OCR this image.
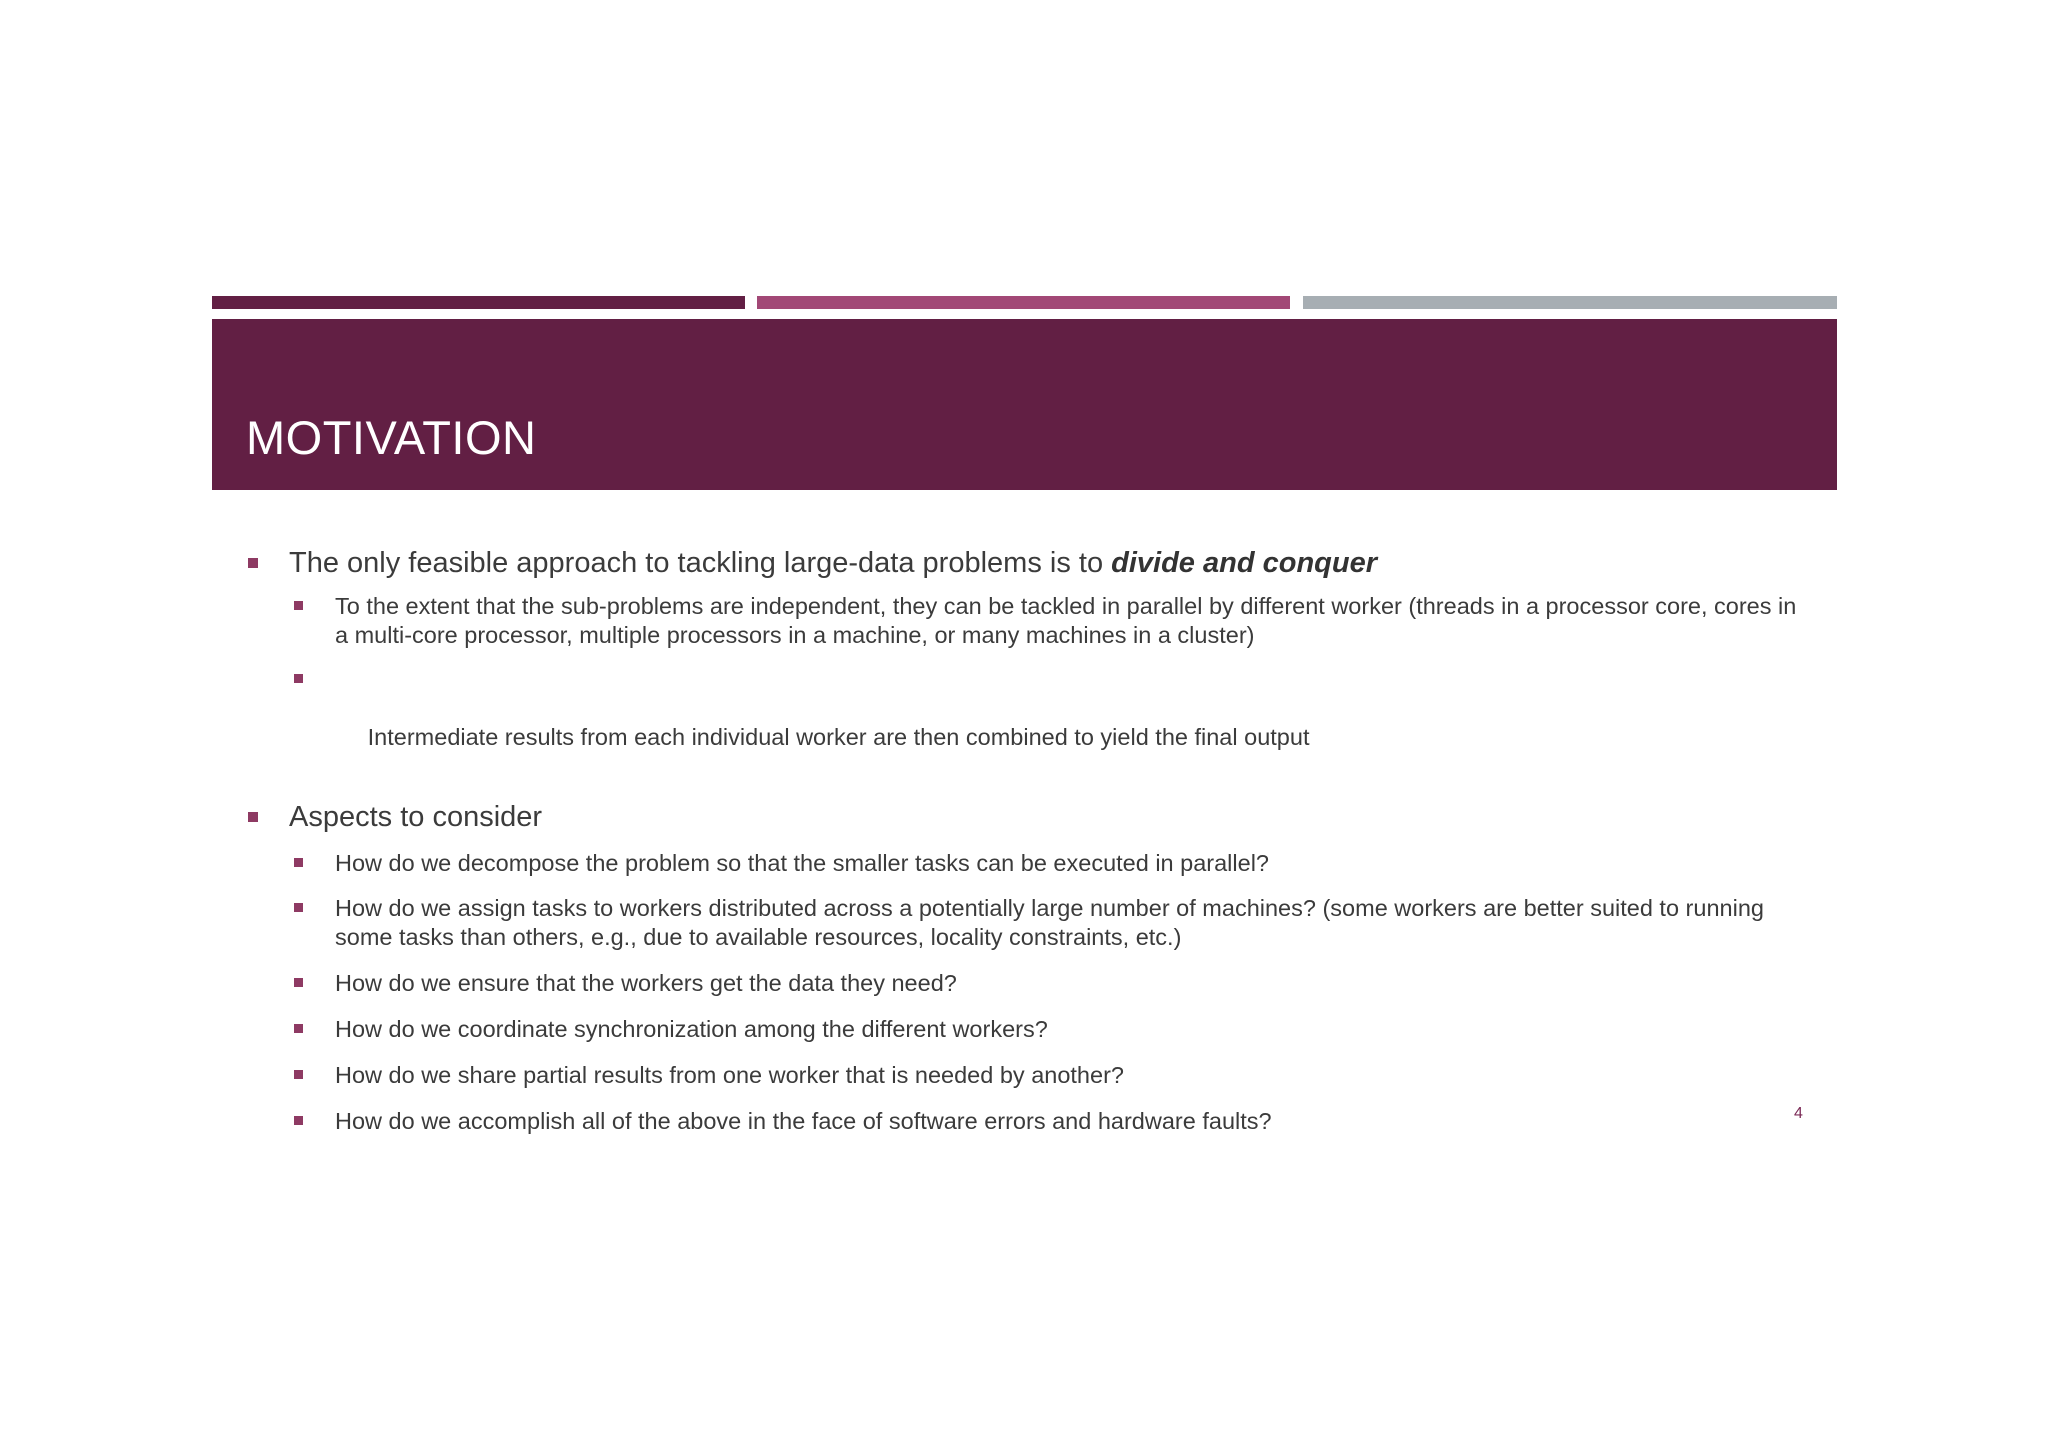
MOTIVATION
The only feasible approach to tackling large-data problems is to divide and conquer
To the extent that the sub-problems are independent, they can be tackled in parallel by different worker (threads in a processor core, cores in a multi-core processor, multiple processors in a machine, or many machines in a cluster)

Intermediate results from each individual worker are then combined to yield the final output

Aspects to consider
How do we decompose the problem so that the smaller tasks can be executed in parallel?
How do we assign tasks to workers distributed across a potentially large number of machines? (some workers are better suited to running some tasks than others, e.g., due to available resources, locality constraints, etc.)
How do we ensure that the workers get the data they need?
How do we coordinate synchronization among the different workers?
How do we share partial results from one worker that is needed by another?
How do we accomplish all of the above in the face of software errors and hardware faults?	4
